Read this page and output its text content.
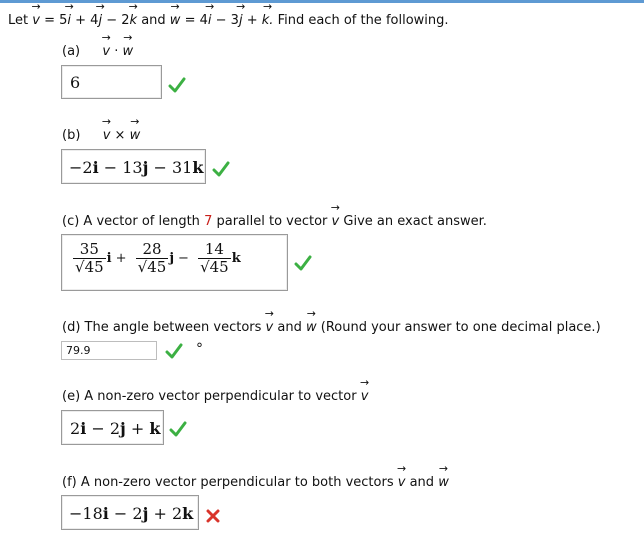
Let → v = 5→ i + 4→ j − 2→ k and → w = 4→ i − 3→ j + → k. Find each of the following.
(a) → v · → w
6
(b) → v × → w
−2i − 13j − 31k
(c) A vector of length 7 parallel to vector → v Give an exact answer.
$\frac{35}{√45}$ $i + \frac{28}{√45}$ $j - \frac{14}{√45}$ k
(d) The angle between vectors → v and → w (Round your answer to one decimal place.)
79.9
°
(e) A non-zero vector perpendicular to vector → v
2i − 2j + k
(f) A non-zero vector perpendicular to both vectors → v and → w
−18i − 2j + 2k
